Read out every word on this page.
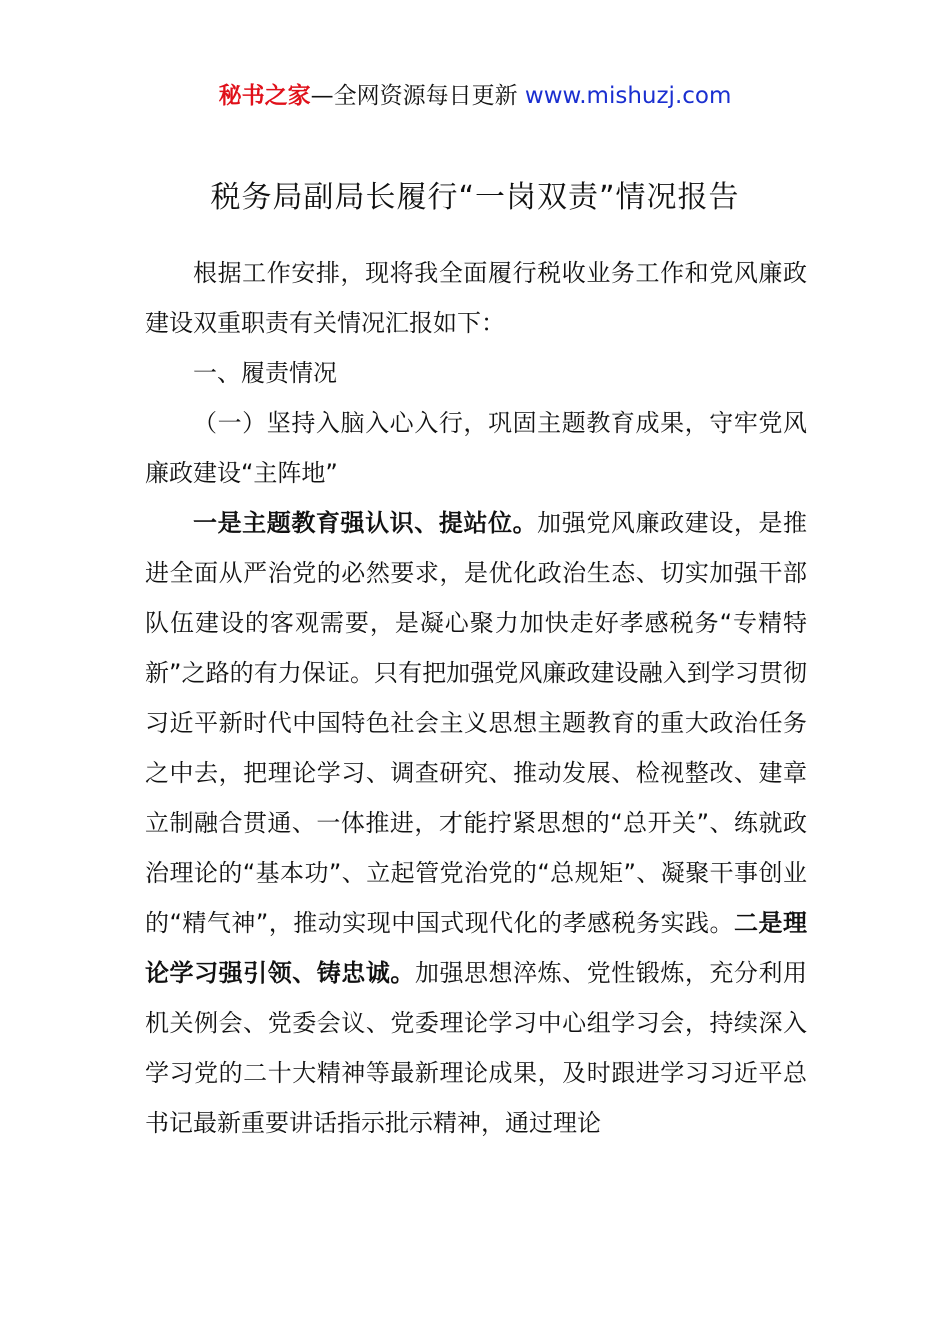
秘书之家—全网资源每日更新 www.mishuzj.com
税务局副局长履行“一岗双责”情况报告

根据工作安排，现将我全面履行税收业务工作和党风廉政建设双重职责有关情况汇报如下：

一、履责情况

（一）坚持入脑入心入行，巩固主题教育成果，守牢党风廉政建设“主阵地”

一是主题教育强认识、提站位。加强党风廉政建设，是推进全面从严治党的必然要求，是优化政治生态、切实加强干部队伍建设的客观需要，是凝心聚力加快走好孝感税务“专精特新”之路的有力保证。只有把加强党风廉政建设融入到学习贯彻习近平新时代中国特色社会主义思想主题教育的重大政治任务之中去，把理论学习、调查研究、推动发展、检视整改、建章立制融合贯通、一体推进，才能拧紧思想的“总开关”、练就政治理论的“基本功”、立起管党治党的“总规矩”、凝聚干事创业的“精气神”，推动实现中国式现代化的孝感税务实践。二是理论学习强引领、铸忠诚。加强思想淬炼、党性锻炼，充分利用机关例会、党委会议、党委理论学习中心组学习会，持续深入学习党的二十大精神等最新理论成果，及时跟进学习习近平总书记最新重要讲话指示批示精神，通过理论
